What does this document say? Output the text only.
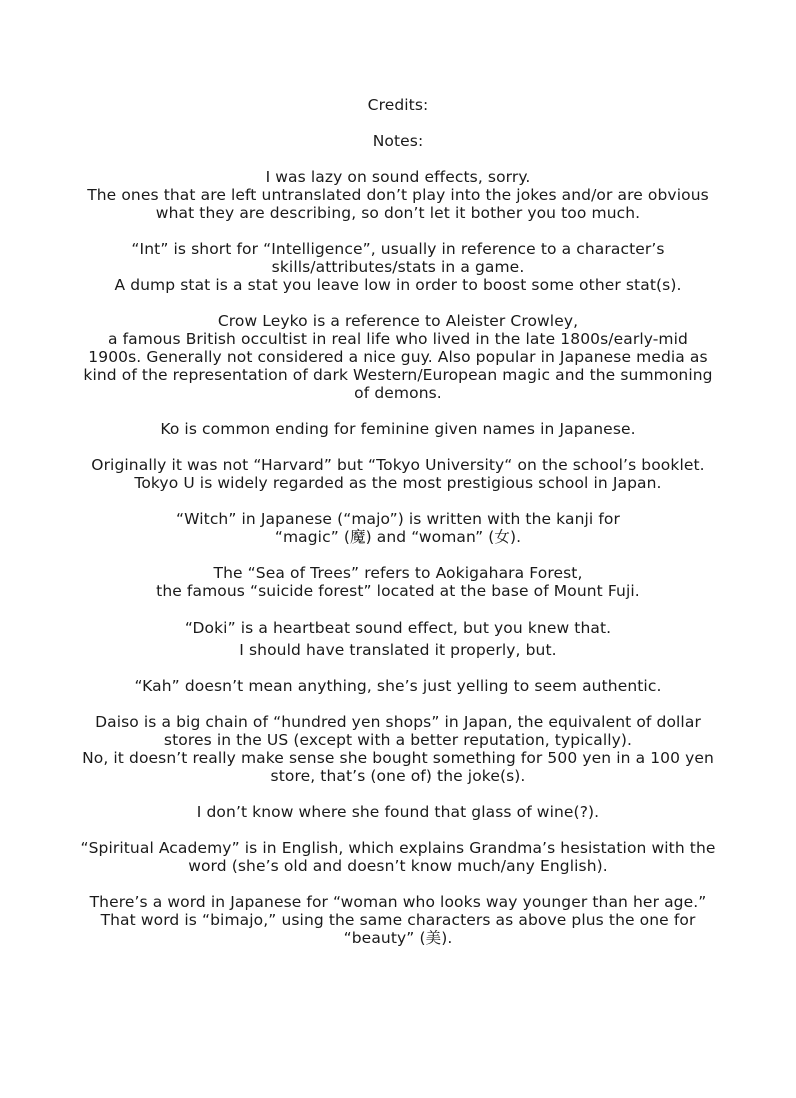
Credits:
Notes:
I was lazy on sound effects, sorry.
The ones that are left untranslated don’t play into the jokes and/or are obvious
what they are describing, so don’t let it bother you too much.
“Int” is short for “Intelligence”, usually in reference to a character’s
skills/attributes/stats in a game.
A dump stat is a stat you leave low in order to boost some other stat(s).
Crow Leyko is a reference to Aleister Crowley,
a famous British occultist in real life who lived in the late 1800s/early-mid
1900s. Generally not considered a nice guy. Also popular in Japanese media as
kind of the representation of dark Western/European magic and the summoning
of demons.
Ko is common ending for feminine given names in Japanese.
Originally it was not “Harvard” but “Tokyo University“ on the school’s booklet.
Tokyo U is widely regarded as the most prestigious school in Japan.
“Witch” in Japanese (“majo”) is written with the kanji for
“magic” (魔) and “woman” (女).
The “Sea of Trees” refers to Aokigahara Forest,
the famous “suicide forest” located at the base of Mount Fuji.
“Doki” is a heartbeat sound effect, but you knew that.
I should have translated it properly, but.
“Kah” doesn’t mean anything, she’s just yelling to seem authentic.
Daiso is a big chain of “hundred yen shops” in Japan, the equivalent of dollar
stores in the US (except with a better reputation, typically).
No, it doesn’t really make sense she bought something for 500 yen in a 100 yen
store, that’s (one of) the joke(s).
I don’t know where she found that glass of wine(?).
“Spiritual Academy” is in English, which explains Grandma’s hesistation with the
word (she’s old and doesn’t know much/any English).
There’s a word in Japanese for “woman who looks way younger than her age.”
That word is “bimajo,” using the same characters as above plus the one for
“beauty” (美).
